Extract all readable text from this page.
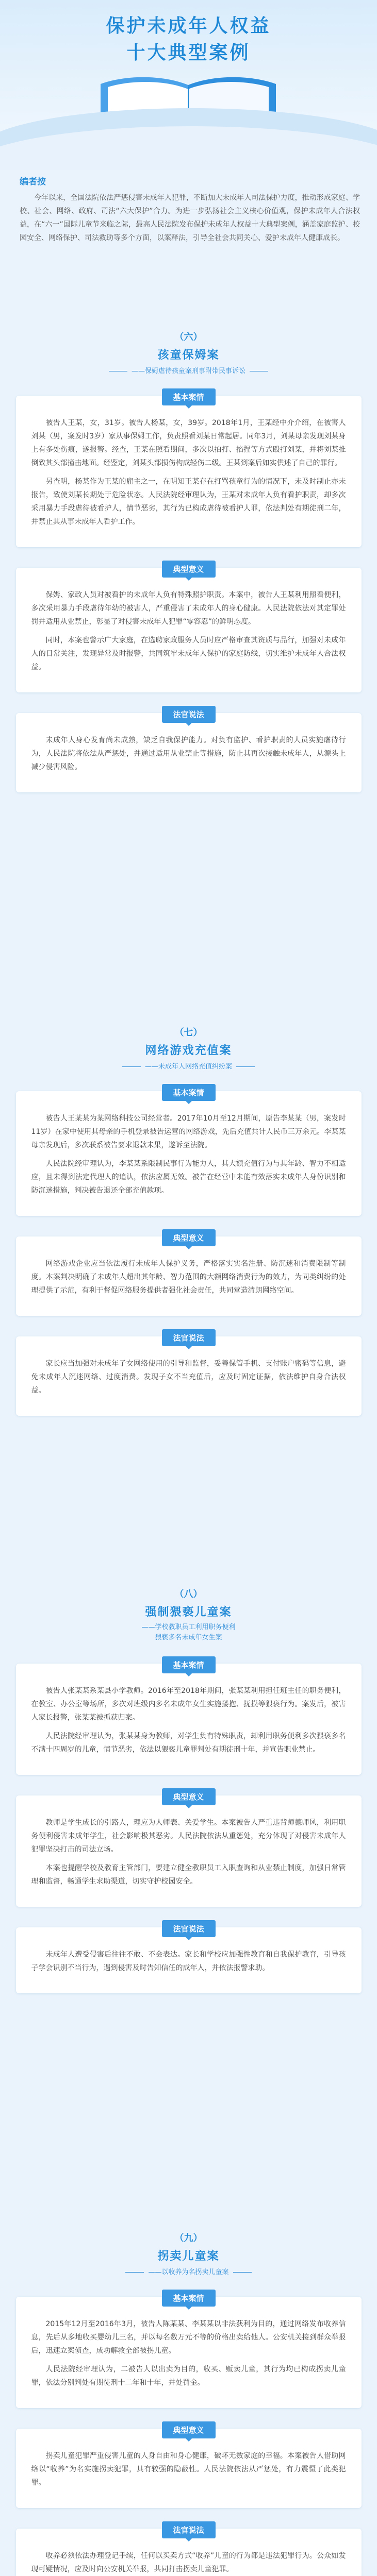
保护未成年人权益
十大典型案例
编者按
今年以来，全国法院依法严惩侵害未成年人犯罪，不断加大未成年人司法保护力度，推动形成家庭、学校、社会、网络、政府、司法“六大保护”合力。为进一步弘扬社会主义核心价值观，保护未成年人合法权益，在“六一”国际儿童节来临之际，最高人民法院发布保护未成年人权益十大典型案例，涵盖家庭监护、校园安全、网络保护、司法救助等多个方面，以案释法，引导全社会共同关心、爱护未成年人健康成长。
（六）
孩童保姆案
——保姆虐待孩童案刑事附带民事诉讼
基本案情

被告人王某，女，31岁。被告人杨某，女，39岁。2018年1月，王某经中介介绍，在被害人刘某（男，案发时3岁）家从事保姆工作，负责照看刘某日常起居。同年3月，刘某母亲发现刘某身上有多处伤痕，遂报警。经查，王某在照看期间，多次以拍打、掐捏等方式殴打刘某，并将刘某推倒致其头部撞击地面。经鉴定，刘某头部损伤构成轻伤二级。王某到案后如实供述了自己的罪行。

另查明，杨某作为王某的雇主之一，在明知王某存在打骂孩童行为的情况下，未及时制止亦未报告，致使刘某长期处于危险状态。人民法院经审理认为，王某对未成年人负有看护职责，却多次采用暴力手段虐待被看护人，情节恶劣，其行为已构成虐待被看护人罪，依法判处有期徒刑二年，并禁止其从事未成年人看护工作。

典型意义

保姆、家政人员对被看护的未成年人负有特殊照护职责。本案中，被告人王某利用照看便利，多次采用暴力手段虐待年幼的被害人，严重侵害了未成年人的身心健康。人民法院依法对其定罪处罚并适用从业禁止，彰显了对侵害未成年人犯罪“零容忍”的鲜明态度。

同时，本案也警示广大家庭，在选聘家政服务人员时应严格审查其资质与品行，加强对未成年人的日常关注，发现异常及时报警，共同筑牢未成年人保护的家庭防线，切实维护未成年人合法权益。

法官说法

未成年人身心发育尚未成熟，缺乏自我保护能力。对负有监护、看护职责的人员实施虐待行为，人民法院将依法从严惩处，并通过适用从业禁止等措施，防止其再次接触未成年人，从源头上减少侵害风险。

（七）
网络游戏充值案
——未成年人网络充值纠纷案
基本案情

被告人王某某为某网络科技公司经营者。2017年10月至12月期间，原告李某某（男，案发时11岁）在家中使用其母亲的手机登录被告运营的网络游戏，先后充值共计人民币三万余元。李某某母亲发现后，多次联系被告要求退款未果，遂诉至法院。

人民法院经审理认为，李某某系限制民事行为能力人，其大额充值行为与其年龄、智力不相适应，且未得到法定代理人的追认，依法应属无效。被告在经营中未能有效落实未成年人身份识别和防沉迷措施，判决被告退还全部充值款项。

典型意义

网络游戏企业应当依法履行未成年人保护义务，严格落实实名注册、防沉迷和消费限制等制度。本案判决明确了未成年人超出其年龄、智力范围的大额网络消费行为的效力，为同类纠纷的处理提供了示范，有利于督促网络服务提供者强化社会责任，共同营造清朗网络空间。

法官说法

家长应当加强对未成年子女网络使用的引导和监督，妥善保管手机、支付账户密码等信息，避免未成年人沉迷网络、过度消费。发现子女不当充值后，应及时固定证据，依法维护自身合法权益。

（八）
强制猥亵儿童案
——学校教职员工利用职务便利
猥亵多名未成年女生案
基本案情

被告人张某某系某县小学教师。2016年至2018年期间，张某某利用担任班主任的职务便利，在教室、办公室等场所，多次对班级内多名未成年女生实施搂抱、抚摸等猥亵行为。案发后，被害人家长报警，张某某被抓获归案。

人民法院经审理认为，张某某身为教师，对学生负有特殊职责，却利用职务便利多次猥亵多名不满十四周岁的儿童，情节恶劣，依法以猥亵儿童罪判处有期徒刑十年，并宣告职业禁止。

典型意义

教师是学生成长的引路人，理应为人师表、关爱学生。本案被告人严重违背师德师风，利用职务便利侵害未成年学生，社会影响极其恶劣。人民法院依法从重惩处，充分体现了对侵害未成年人犯罪坚决打击的司法立场。

本案也提醒学校及教育主管部门，要建立健全教职员工入职查询和从业禁止制度，加强日常管理和监督，畅通学生求助渠道，切实守护校园安全。

法官说法

未成年人遭受侵害后往往不敢、不会表达。家长和学校应加强性教育和自我保护教育，引导孩子学会识别不当行为，遇到侵害及时告知信任的成年人，并依法报警求助。

（九）
拐卖儿童案
——以收养为名拐卖儿童案
基本案情

2015年12月至2016年3月，被告人陈某某、李某某以非法获利为目的，通过网络发布收养信息，先后从多地收买婴幼儿三名，并以每名数万元不等的价格出卖给他人。公安机关接到群众举报后，迅速立案侦查，成功解救全部被拐儿童。

人民法院经审理认为，二被告人以出卖为目的，收买、贩卖儿童，其行为均已构成拐卖儿童罪，依法分别判处有期徒刑十二年和十年，并处罚金。

典型意义

拐卖儿童犯罪严重侵害儿童的人身自由和身心健康，破坏无数家庭的幸福。本案被告人借助网络以“收养”为名实施拐卖犯罪，具有较强的隐蔽性。人民法院依法从严惩处，有力震慑了此类犯罪。

法官说法

收养必须依法办理登记手续，任何以买卖方式“收养”儿童的行为都是违法犯罪行为。公众如发现可疑情况，应及时向公安机关举报，共同打击拐卖儿童犯罪。
